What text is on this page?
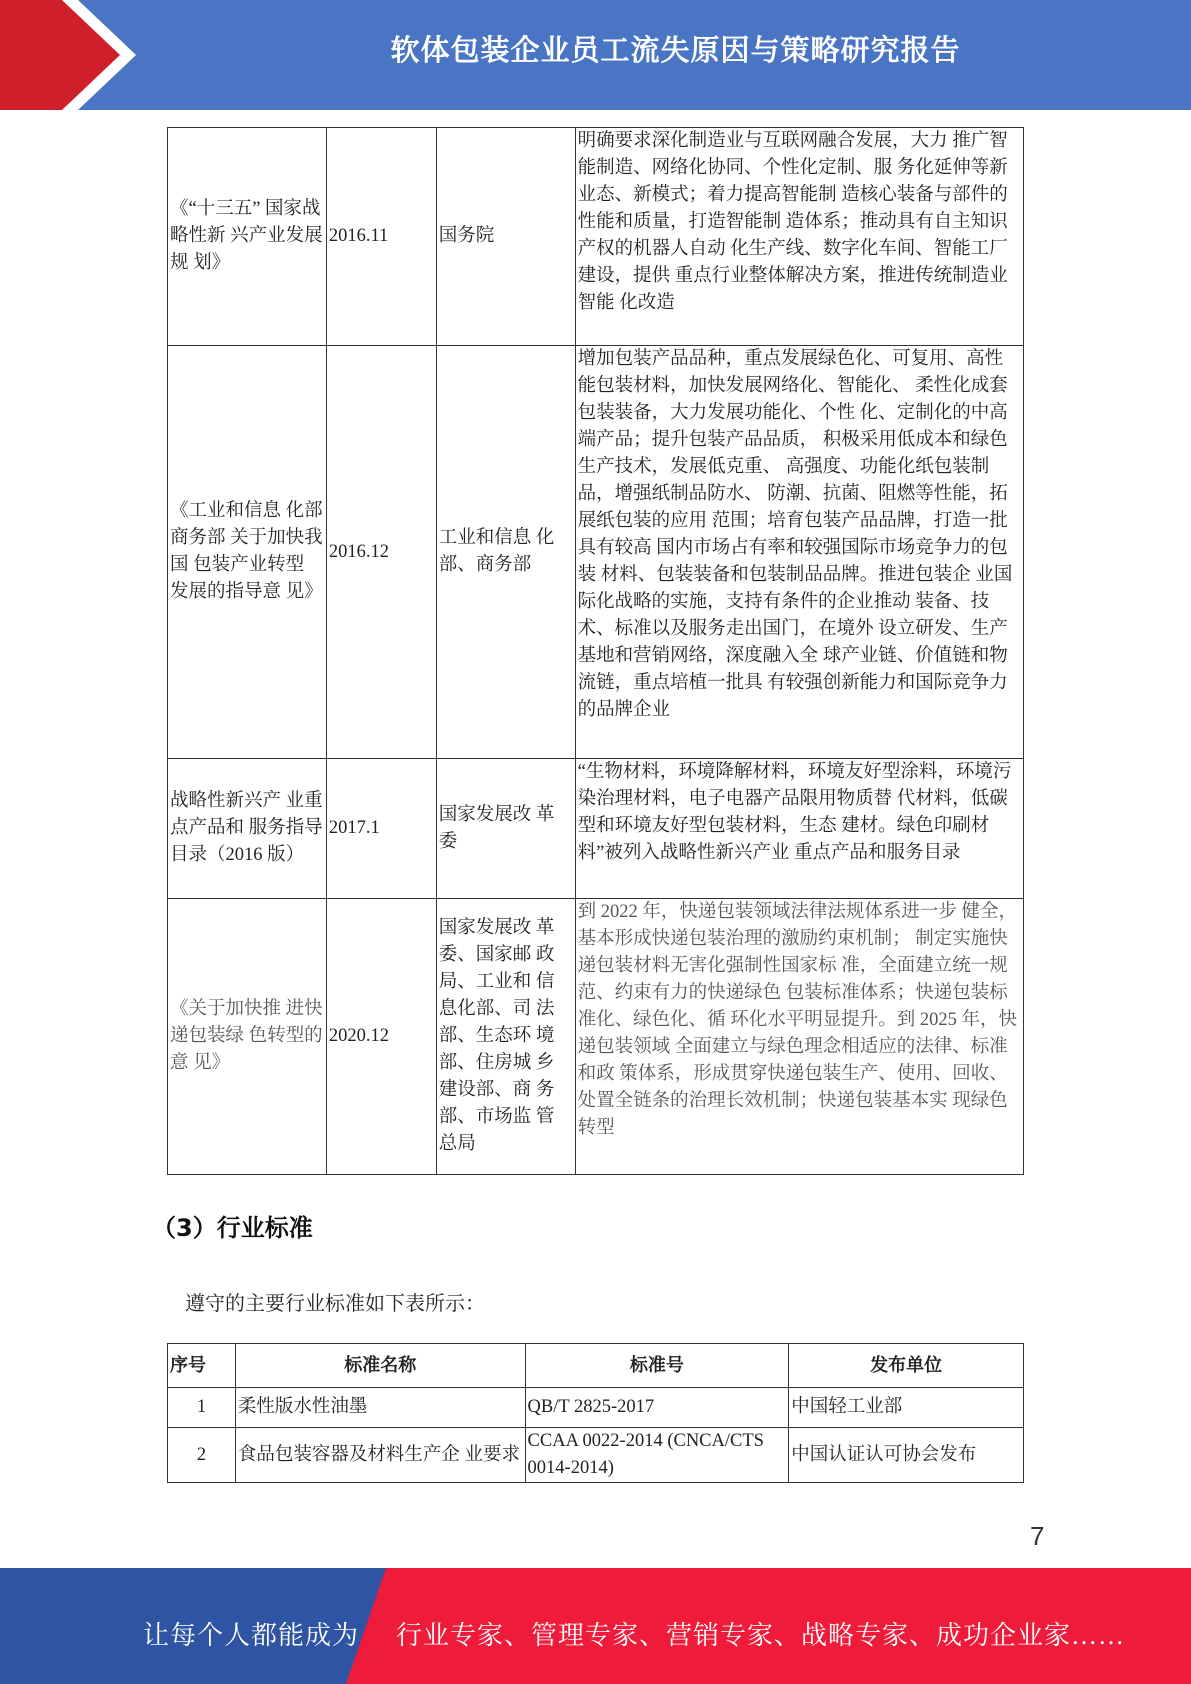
软体包装企业员工流失原因与策略研究报告
《“十三五” 国家战略性新 兴产业发展规 划》	2016.11	国务院	明确要求深化制造业与互联网融合发展，大力 推广智能制造、网络化协同、个性化定制、服 务化延伸等新业态、新模式；着力提高智能制 造核心装备与部件的性能和质量，打造智能制 造体系；推动具有自主知识产权的机器人自动 化生产线、数字化车间、智能工厂建设，提供 重点行业整体解决方案，推进传统制造业智能 化改造
《工业和信息 化部商务部 关于加快我国 包装产业转型 发展的指导意 见》	2016.12	工业和信息 化部、商务部	增加包装产品品种，重点发展绿色化、可复用、高性能包装材料，加快发展网络化、智能化、 柔性化成套包装装备，大力发展功能化、个性 化、定制化的中高端产品；提升包装产品品质， 积极采用低成本和绿色生产技术，发展低克重、 高强度、功能化纸包装制品，增强纸制品防水、 防潮、抗菌、阻燃等性能，拓展纸包装的应用 范围；培育包装产品品牌，打造一批具有较高 国内市场占有率和较强国际市场竞争力的包装 材料、包装装备和包装制品品牌。推进包装企 业国际化战略的实施，支持有条件的企业推动 装备、技术、标准以及服务走出国门，在境外 设立研发、生产基地和营销网络，深度融入全 球产业链、价值链和物流链，重点培植一批具 有较强创新能力和国际竞争力的品牌企业
战略性新兴产 业重点产品和 服务指导目录（2016 版）	2017.1	国家发展改 革委	“生物材料，环境降解材料，环境友好型涂料，环境污染治理材料，电子电器产品限用物质替 代材料，低碳型和环境友好型包装材料，生态 建材。绿色印刷材料”被列入战略性新兴产业 重点产品和服务目录
《关于加快推 进快递包装绿 色转型的意 见》	2020.12	国家发展改 革委、国家邮 政局、工业和 信息化部、司 法部、生态环 境部、住房城 乡建设部、商 务部、市场监 管总局	到 2022 年，快递包装领域法律法规体系进一步 健全，基本形成快递包装治理的激励约束机制； 制定实施快递包装材料无害化强制性国家标 准，全面建立统一规范、约束有力的快递绿色 包装标准体系；快递包装标准化、绿色化、循 环化水平明显提升。到 2025 年，快递包装领域 全面建立与绿色理念相适应的法律、标准和政 策体系，形成贯穿快递包装生产、使用、回收、 处置全链条的治理长效机制；快递包装基本实 现绿色转型
（3）行业标准
遵守的主要行业标准如下表所示：
序号	标准名称	标准号	发布单位
1	柔性版水性油墨	QB/T 2825-2017	中国轻工业部
2	食品包装容器及材料生产企 业要求	CCAA 0022-2014 (CNCA/CTS 0014-2014)	中国认证认可协会发布
7
让每个人都能成为 行业专家、管理专家、营销专家、战略专家、成功企业家……
